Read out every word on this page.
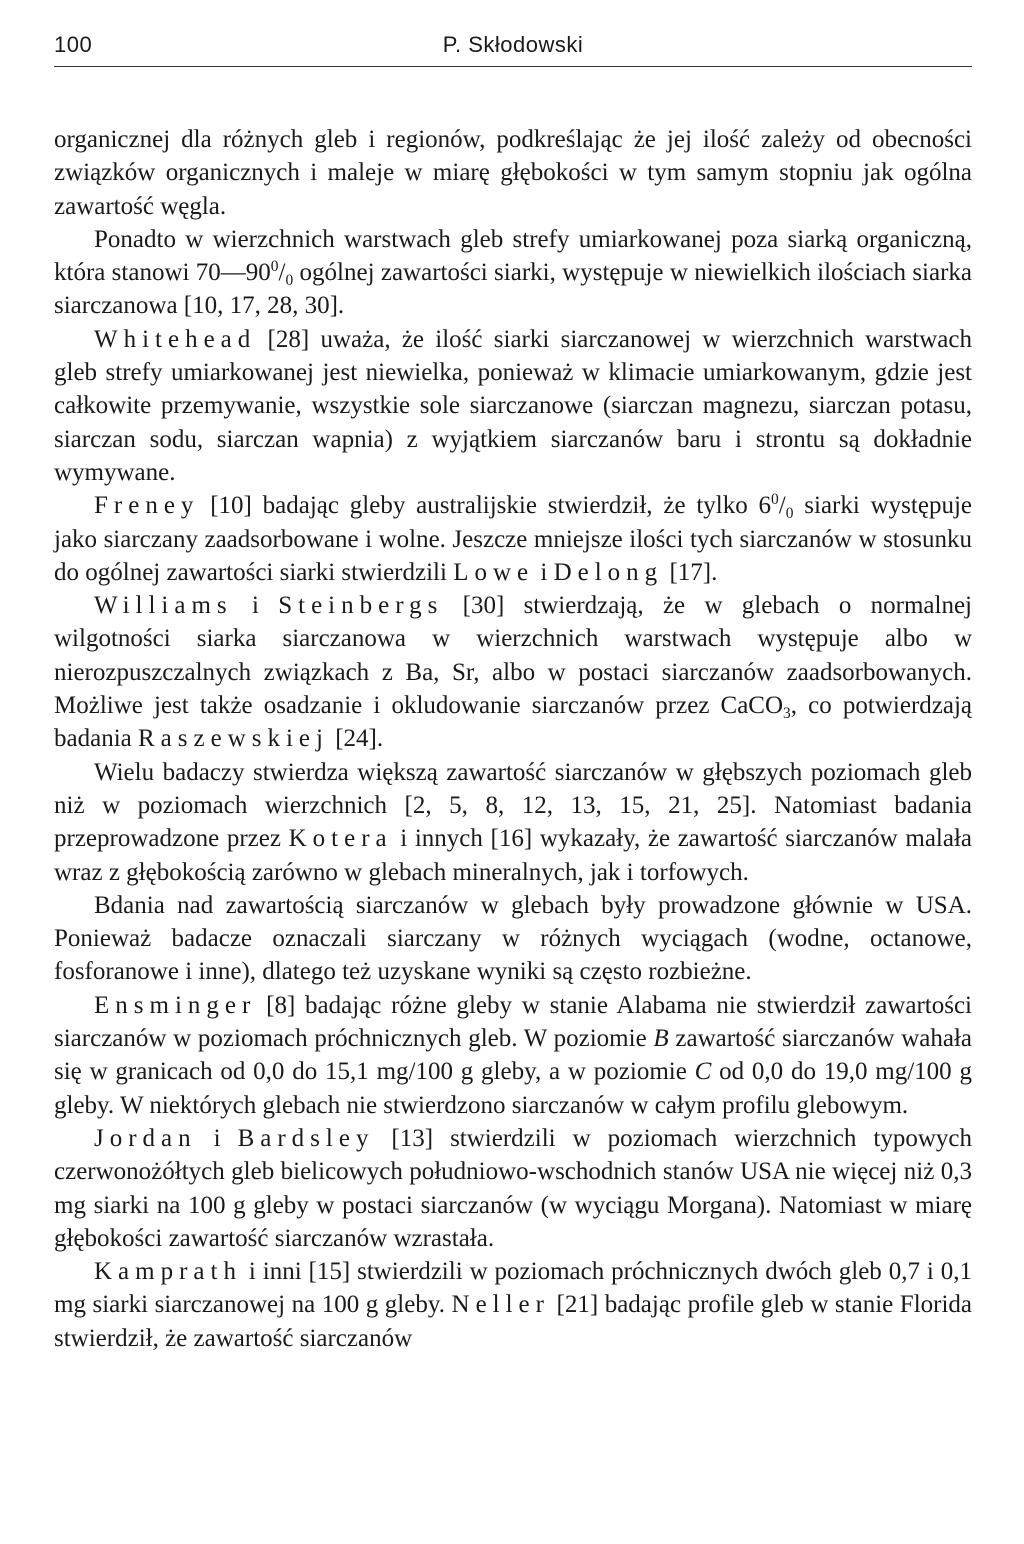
100	P. Skłodowski

organicznej dla różnych gleb i regionów, podkreślając że jej ilość zależy od obecności związków organicznych i maleje w miarę głębokości w tym samym stopniu jak ogólna zawartość węgla.

Ponadto w wierzchnich warstwach gleb strefy umiarkowanej poza siarką organiczną, która stanowi $70—90^0/_0$ ogólnej zawartości siarki, występuje w niewielkich ilościach siarka siarczanowa [10, 17, 28, 30].

Whitehead [28] uważa, że ilość siarki siarczanowej w wierzchnich warstwach gleb strefy umiarkowanej jest niewielka, ponieważ w klimacie umiarkowanym, gdzie jest całkowite przemywanie, wszystkie sole siarczanowe (siarczan magnezu, siarczan potasu, siarczan sodu, siarczan wapnia) z wyjątkiem siarczanów baru i strontu są dokładnie wymywane.

Freney [10] badając gleby australijskie stwierdził, że tylko $6^0/_0$ siarki występuje jako siarczany zaadsorbowane i wolne. Jeszcze mniejsze ilości tych siarczanów w stosunku do ogólnej zawartości siarki stwierdzili Lowe i Delong [17].

Williams i Steinbergs [30] stwierdzają, że w glebach o normalnej wilgotności siarka siarczanowa w wierzchnich warstwach występuje albo w nierozpuszczalnych związkach z Ba, Sr, albo w postaci siarczanów zaadsorbowanych. Możliwe jest także osadzanie i okludowanie siarczanów przez CaCO$_3$, co potwierdzają badania Raszewskiej [24].

Wielu badaczy stwierdza większą zawartość siarczanów w głębszych poziomach gleb niż w poziomach wierzchnich [2, 5, 8, 12, 13, 15, 21, 25]. Natomiast badania przeprowadzone przez Kotera i innych [16] wykazały, że zawartość siarczanów malała wraz z głębokością zarówno w glebach mineralnych, jak i torfowych.

Bdania nad zawartością siarczanów w glebach były prowadzone głównie w USA. Ponieważ badacze oznaczali siarczany w różnych wyciągach (wodne, octanowe, fosforanowe i inne), dlatego też uzyskane wyniki są często rozbieżne.

Ensminger [8] badając różne gleby w stanie Alabama nie stwierdził zawartości siarczanów w poziomach próchnicznych gleb. W poziomie B zawartość siarczanów wahała się w granicach od 0,0 do 15,1 mg/100 g gleby, a w poziomie C od 0,0 do 19,0 mg/100 g gleby. W niektórych glebach nie stwierdzono siarczanów w całym profilu glebowym.

Jordan i Bardsley [13] stwierdzili w poziomach wierzchnich typowych czerwonożółtych gleb bielicowych południowo-wschodnich stanów USA nie więcej niż 0,3 mg siarki na 100 g gleby w postaci siarczanów (w wyciągu Morgana). Natomiast w miarę głębokości zawartość siarczanów wzrastała.

Kamprath i inni [15] stwierdzili w poziomach próchnicznych dwóch gleb 0,7 i 0,1 mg siarki siarczanowej na 100 g gleby. Neller [21] badając profile gleb w stanie Florida stwierdził, że zawartość siarczanów
